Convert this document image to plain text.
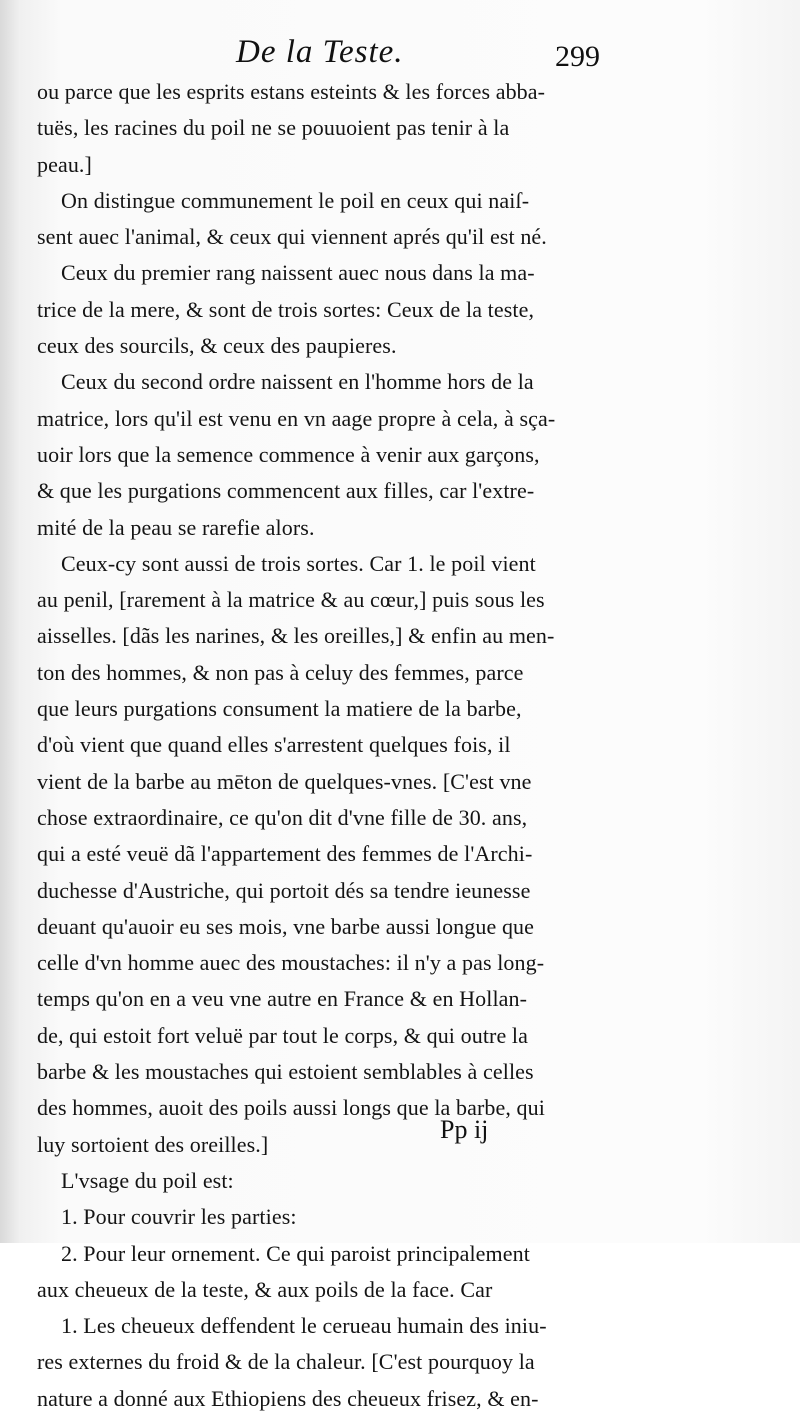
De la Teste.	299
ou parce que les esprits estans esteints & les forces abba-
tuës, les racines du poil ne se pouuoient pas tenir à la
peau.]
On distingue communement le poil en ceux qui naiſ-
sent auec l'animal, & ceux qui viennent aprés qu'il est né.
Ceux du premier rang naissent auec nous dans la ma-
trice de la mere, & sont de trois sortes: Ceux de la teste,
ceux des sourcils, & ceux des paupieres.
Ceux du second ordre naissent en l'homme hors de la
matrice, lors qu'il est venu en vn aage propre à cela, à sça-
uoir lors que la semence commence à venir aux garçons,
& que les purgations commencent aux filles, car l'extre-
mité de la peau se rarefie alors.
Ceux-cy sont aussi de trois sortes. Car 1. le poil vient
au penil, [rarement à la matrice & au cœur,] puis sous les
aisselles. [dãs les narines, & les oreilles,] & enfin au men-
ton des hommes, & non pas à celuy des femmes, parce
que leurs purgations consument la matiere de la barbe,
d'où vient que quand elles s'arrestent quelques fois, il
vient de la barbe au mēton de quelques-vnes. [C'est vne
chose extraordinaire, ce qu'on dit d'vne fille de 30. ans,
qui a esté veuë dã l'appartement des femmes de l'Archi-
duchesse d'Austriche, qui portoit dés sa tendre ieunesse
deuant qu'auoir eu ses mois, vne barbe aussi longue que
celle d'vn homme auec des moustaches: il n'y a pas long-
temps qu'on en a veu vne autre en France & en Hollan-
de, qui estoit fort veluë par tout le corps, & qui outre la
barbe & les moustaches qui estoient semblables à celles
des hommes, auoit des poils aussi longs que la barbe, qui
luy sortoient des oreilles.]
L'vsage du poil est:
1. Pour couvrir les parties:
2. Pour leur ornement. Ce qui paroist principalement
aux cheueux de la teste, & aux poils de la face. Car
1. Les cheueux deffendent le cerueau humain des iniu-
res externes du froid & de la chaleur. [C'est pourquoy la
nature a donné aux Ethiopiens des cheueux frisez, & en-
Pp ij
